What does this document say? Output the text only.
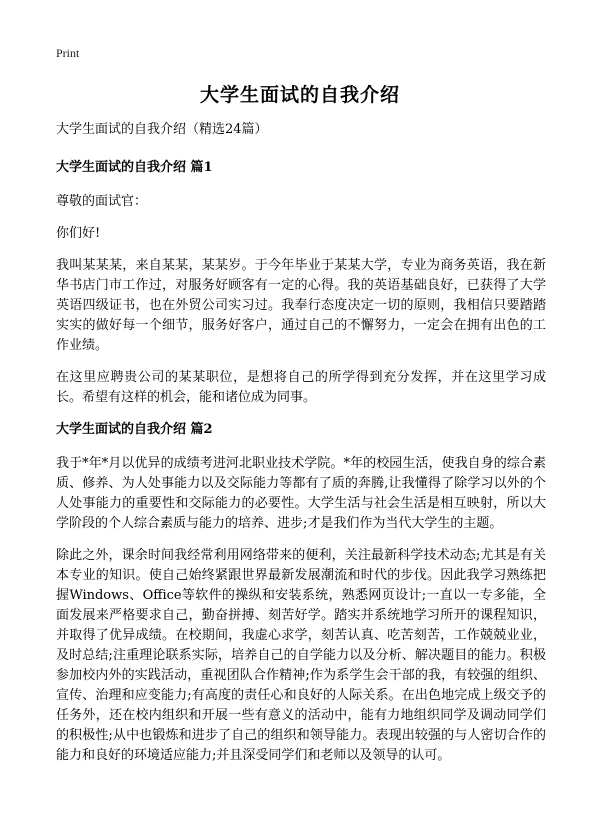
Print
大学生面试的自我介绍

大学生面试的自我介绍（精选24篇）

大学生面试的自我介绍 篇1

尊敬的面试官：

你们好!

我叫某某某，来自某某，某某岁。于今年毕业于某某大学，专业为商务英语，我在新华书店门市工作过，对服务好顾客有一定的心得。我的英语基础良好，已获得了大学英语四级证书，也在外贸公司实习过。我奉行态度决定一切的原则，我相信只要踏踏实实的做好每一个细节，服务好客户，通过自己的不懈努力，一定会在拥有出色的工作业绩。

在这里应聘贵公司的某某职位，是想将自己的所学得到充分发挥，并在这里学习成长。希望有这样的机会，能和诸位成为同事。

大学生面试的自我介绍 篇2

我于*年*月以优异的成绩考进河北职业技术学院。*年的校园生活，使我自身的综合素质、修养、为人处事能力以及交际能力等都有了质的奔腾,让我懂得了除学习以外的个人处事能力的重要性和交际能力的必要性。大学生活与社会生活是相互映射，所以大学阶段的个人综合素质与能力的培养、进步;才是我们作为当代大学生的主题。

除此之外，课余时间我经常利用网络带来的便利，关注最新科学技术动态;尤其是有关本专业的知识。使自己始终紧跟世界最新发展潮流和时代的步伐。因此我学习熟练把握Windows、Office等软件的操纵和安装系统，熟悉网页设计;一直以一专多能，全面发展来严格要求自己，勤奋拼搏、刻苦好学。踏实并系统地学习所开的课程知识，并取得了优异成绩。在校期间，我虚心求学，刻苦认真、吃苦刻苦，工作兢兢业业，及时总结;注重理论联系实际，培养自己的自学能力以及分析、解决题目的能力。积极参加校内外的实践活动，重视团队合作精神;作为系学生会干部的我，有较强的组织、宣传、治理和应变能力;有高度的责任心和良好的人际关系。在出色地完成上级交予的任务外，还在校内组织和开展一些有意义的活动中，能有力地组织同学及调动同学们的积极性;从中也锻炼和进步了自己的组织和领导能力。表现出较强的与人密切合作的能力和良好的环境适应能力;并且深受同学们和老师以及领导的认可。
